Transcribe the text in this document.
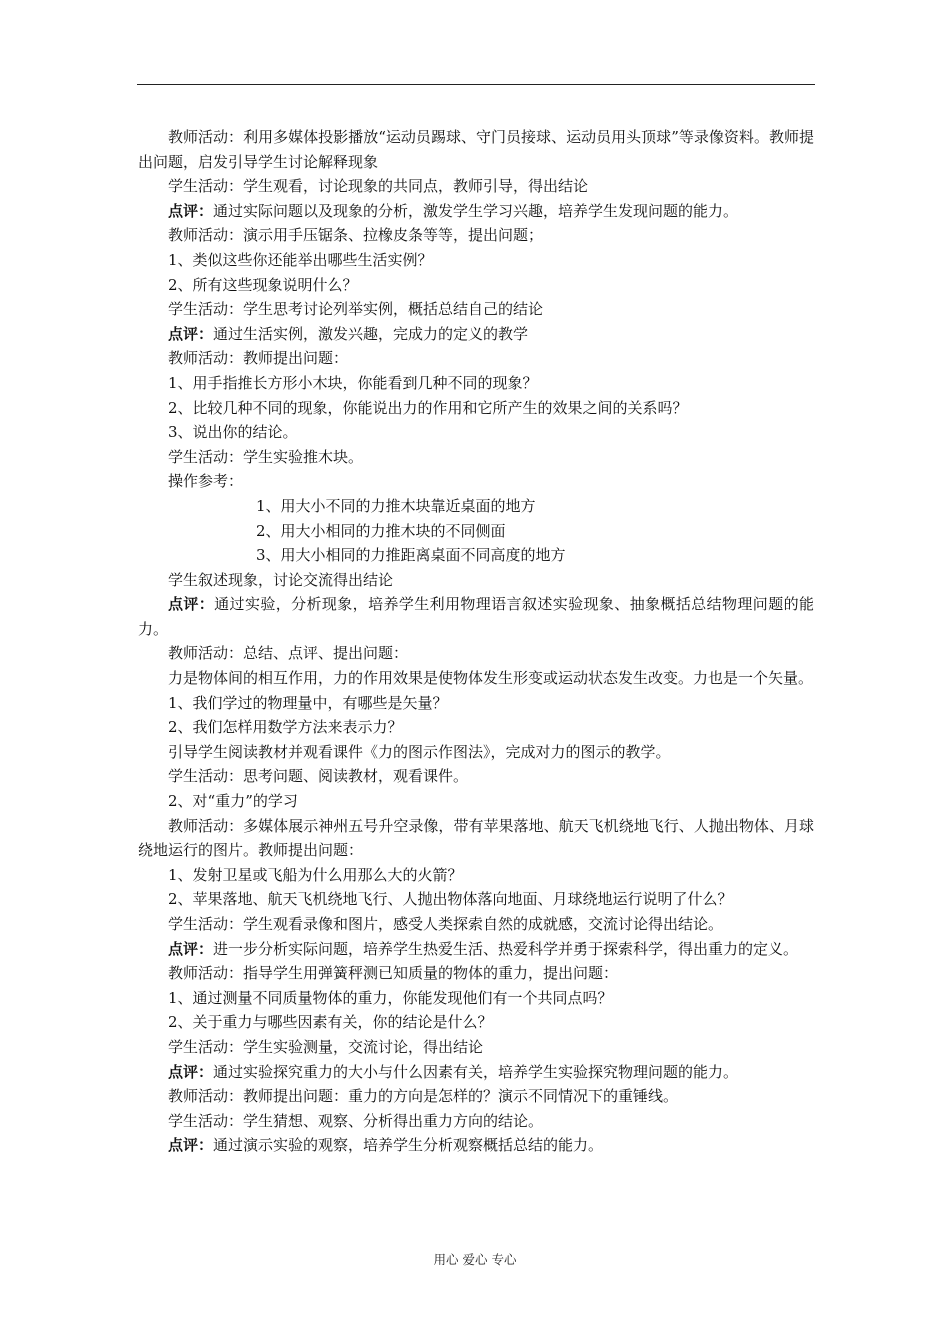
教师活动：利用多媒体投影播放“运动员踢球、守门员接球、运动员用头顶球”等录像资料。教师提出问题，启发引导学生讨论解释现象

学生活动：学生观看，讨论现象的共同点，教师引导，得出结论

点评：通过实际问题以及现象的分析，激发学生学习兴趣，培养学生发现问题的能力。

教师活动：演示用手压锯条、拉橡皮条等等，提出问题；

1、类似这些你还能举出哪些生活实例？

2、所有这些现象说明什么？

学生活动：学生思考讨论列举实例，概括总结自己的结论

点评：通过生活实例，激发兴趣，完成力的定义的教学

教师活动：教师提出问题：

1、用手指推长方形小木块，你能看到几种不同的现象？

2、比较几种不同的现象，你能说出力的作用和它所产生的效果之间的关系吗？

3、说出你的结论。

学生活动：学生实验推木块。

操作参考：

1、用大小不同的力推木块靠近桌面的地方

2、用大小相同的力推木块的不同侧面

3、用大小相同的力推距离桌面不同高度的地方

学生叙述现象，讨论交流得出结论

点评：通过实验，分析现象，培养学生利用物理语言叙述实验现象、抽象概括总结物理问题的能力。

教师活动：总结、点评、提出问题：

力是物体间的相互作用，力的作用效果是使物体发生形变或运动状态发生改变。力也是一个矢量。

1、我们学过的物理量中，有哪些是矢量？

2、我们怎样用数学方法来表示力？

引导学生阅读教材并观看课件《力的图示作图法》，完成对力的图示的教学。

学生活动：思考问题、阅读教材，观看课件。

2、对“重力”的学习

教师活动：多媒体展示神州五号升空录像，带有苹果落地、航天飞机绕地飞行、人抛出物体、月球绕地运行的图片。教师提出问题：

1、发射卫星或飞船为什么用那么大的火箭？

2、苹果落地、航天飞机绕地飞行、人抛出物体落向地面、月球绕地运行说明了什么？

学生活动：学生观看录像和图片，感受人类探索自然的成就感，交流讨论得出结论。

点评：进一步分析实际问题，培养学生热爱生活、热爱科学并勇于探索科学，得出重力的定义。

教师活动：指导学生用弹簧秤测已知质量的物体的重力，提出问题：

1、通过测量不同质量物体的重力，你能发现他们有一个共同点吗？

2、关于重力与哪些因素有关，你的结论是什么？

学生活动：学生实验测量，交流讨论，得出结论

点评：通过实验探究重力的大小与什么因素有关，培养学生实验探究物理问题的能力。

教师活动：教师提出问题：重力的方向是怎样的？演示不同情况下的重锤线。

学生活动：学生猜想、观察、分析得出重力方向的结论。

点评：通过演示实验的观察，培养学生分析观察概括总结的能力。

用心 爱心 专心
